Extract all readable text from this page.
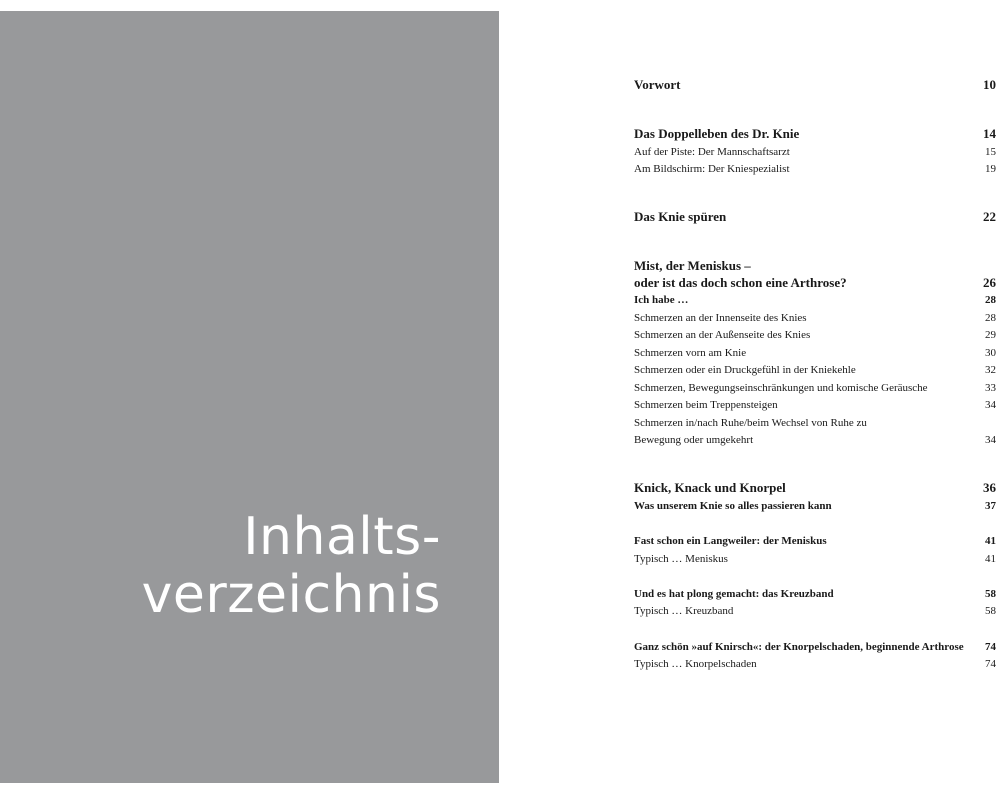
Inhalts-
verzeichnis
Vorwort	10
Das Doppelleben des Dr. Knie	14
Auf der Piste: Der Mannschaftsarzt	15
Am Bildschirm: Der Kniespezialist	19
Das Knie spüren	22
Mist, der Meniskus –
oder ist das doch schon eine Arthrose?	26
Ich habe …	28
Schmerzen an der Innenseite des Knies	28
Schmerzen an der Außenseite des Knies	29
Schmerzen vorn am Knie	30
Schmerzen oder ein Druckgefühl in der Kniekehle	32
Schmerzen, Bewegungseinschränkungen und komische Geräusche	33
Schmerzen beim Treppensteigen	34
Schmerzen in/nach Ruhe/beim Wechsel von Ruhe zu
Bewegung oder umgekehrt	34
Knick, Knack und Knorpel	36
Was unserem Knie so alles passieren kann	37
Fast schon ein Langweiler: der Meniskus	41
Typisch … Meniskus	41
Und es hat plong gemacht: das Kreuzband	58
Typisch … Kreuzband	58
Ganz schön »auf Knirsch«: der Knorpelschaden, beginnende Arthrose 74
Typisch … Knorpelschaden	74
